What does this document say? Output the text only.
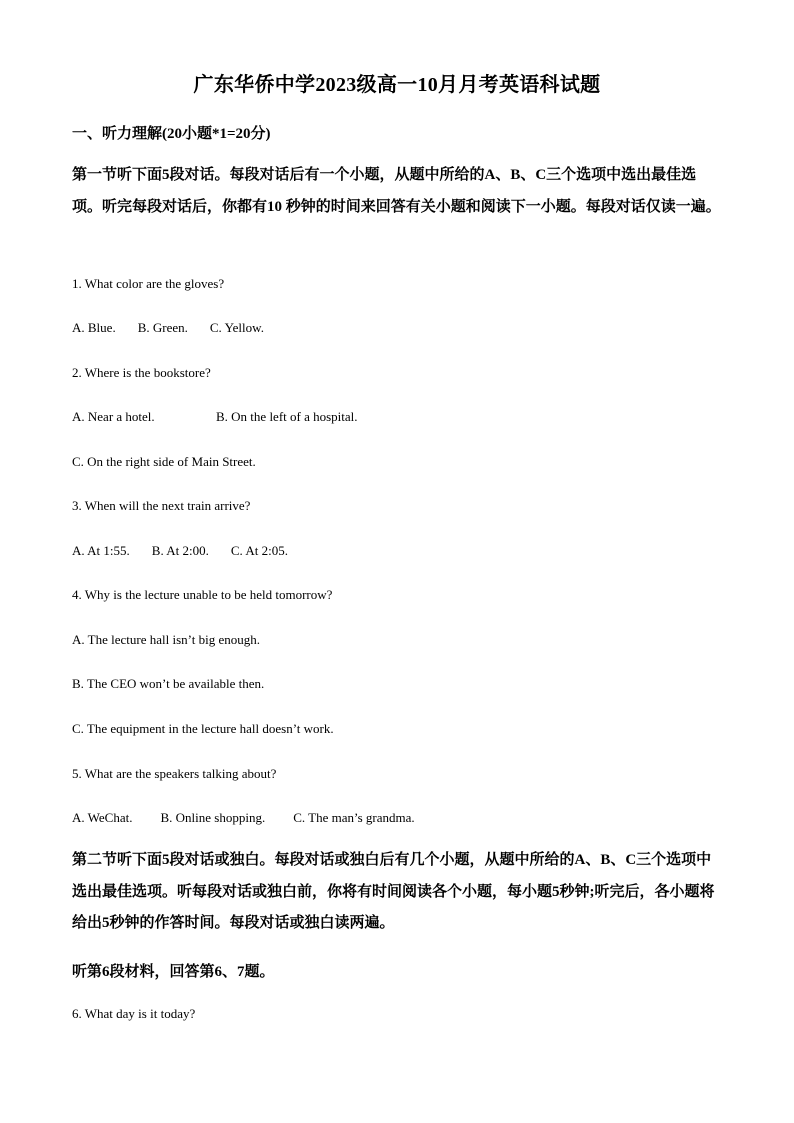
广东华侨中学2023级高一10月月考英语科试题
一、听力理解(20小题*1=20分)
第一节听下面5段对话。每段对话后有一个小题，从题中所给的A、B、C三个选项中选出最佳选项。听完每段对话后，你都有10 秒钟的时间来回答有关小题和阅读下一小题。每段对话仅读一遍。
1. What color are the gloves?
A. Blue. B. Green. C. Yellow.
2. Where is the bookstore?
A. Near a hotel.	B. On the left of a hospital.
C. On the right side of Main Street.
3. When will the next train arrive?
A. At 1:55. B. At 2:00. C. At 2:05.
4. Why is the lecture unable to be held tomorrow?
A. The lecture hall isn’t big enough.
B. The CEO won’t be available then.
C. The equipment in the lecture hall doesn’t work.
5. What are the speakers talking about?
A. WeChat. B. Online shopping. C. The man’s grandma.
第二节听下面5段对话或独白。每段对话或独白后有几个小题，从题中所给的A、B、C三个选项中选出最佳选项。听每段对话或独白前，你将有时间阅读各个小题，每小题5秒钟;听完后，各小题将给出5秒钟的作答时间。每段对话或独白读两遍。
听第6段材料，回答第6、7题。
6. What day is it today?
